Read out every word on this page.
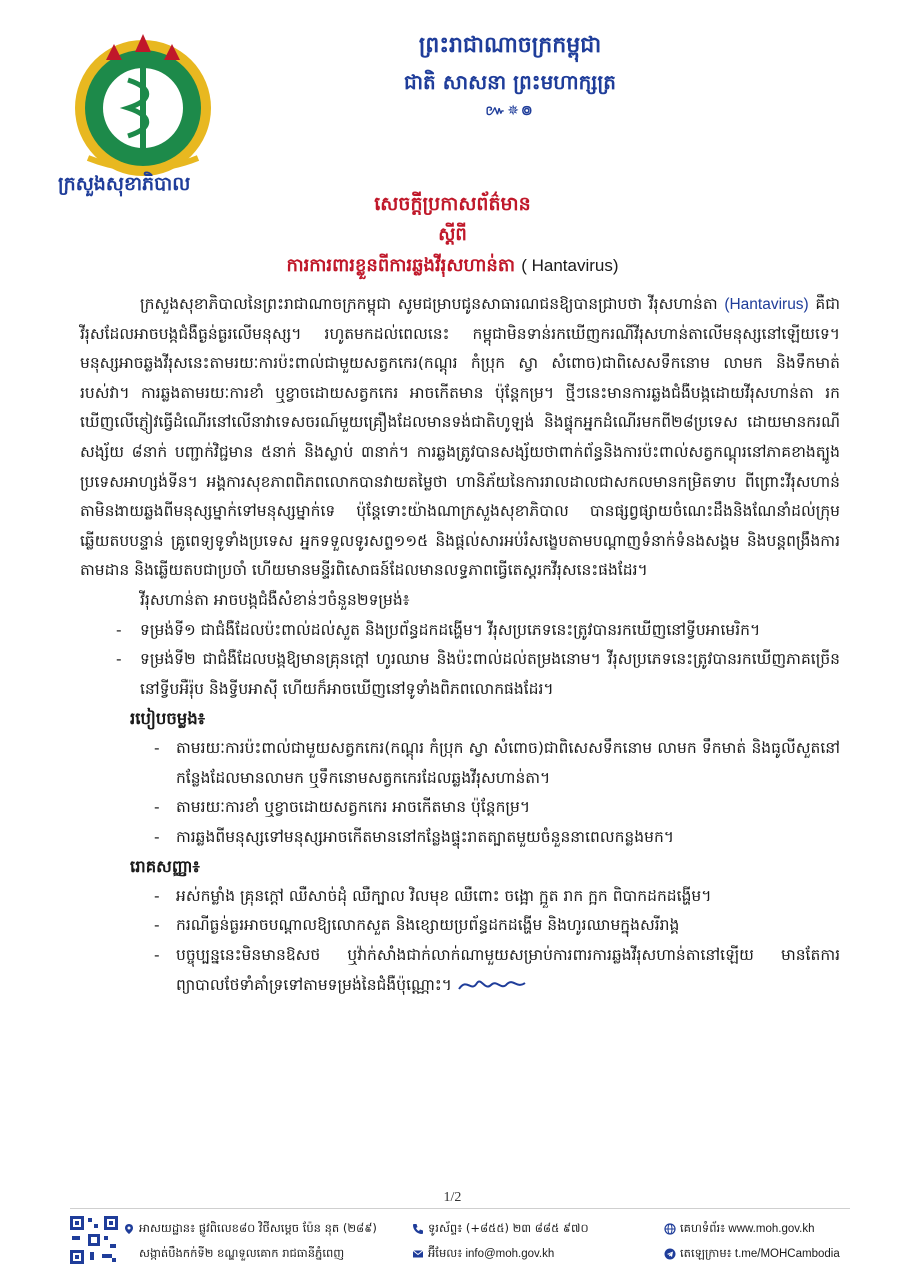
ក្រសួងសុខាភិបាល
ព្រះរាជាណាចក្រកម្ពុជា
ជាតិ សាសនា ព្រះមហាក្សត្រ
៚✵៙
សេចក្តីប្រកាសព័ត៌មាន
ស្តីពី
ការការពារខ្លួនពីការឆ្លងវីរុសហាន់តា ( Hantavirus)

ក្រសួងសុខាភិបាលនៃព្រះរាជាណាចក្រកម្ពុជា សូមជម្រាបជូនសាធារណជនឱ្យបានជ្រាបថា វីរុសហាន់តា (Hantavirus) គឺជាវីរុសដែលអាចបង្កជំងឺធ្ងន់ធ្ងរលើមនុស្ស។ រហូតមកដល់ពេលនេះ កម្ពុជាមិនទាន់រកឃើញករណីវីរុសហាន់តាលើមនុស្សនៅឡើយទេ។ មនុស្សអាចឆ្លងវីរុសនេះតាមរយៈការប៉ះពាល់ជាមួយសត្វកកេរ(កណ្តុរ កំប្រុក ស្វា សំពោច)ជាពិសេសទឹកនោម លាមក និងទឹកមាត់របស់វា។ ការឆ្លងតាមរយៈការខាំ ឬខ្វាចដោយសត្វកកេរ អាចកើតមាន ប៉ុន្តែកម្រ។ ថ្មីៗនេះមានការឆ្លងជំងឺបង្កដោយវីរុសហាន់តា រកឃើញលើភ្ញៀវធ្វើដំណើរនៅលើនាវាទេសចរណ៍មួយគ្រឿងដែលមានទង់ជាតិហូឡង់ និងផ្ទុកអ្នកដំណើរមកពី២៨ប្រទេស ដោយមានករណីសង្ស័យ ៨នាក់ បញ្ជាក់វិជ្ជមាន ៥នាក់ និងស្លាប់ ៣នាក់។ ការឆ្លងត្រូវបានសង្ស័យថាពាក់ព័ន្ធនិងការប៉ះពាល់សត្វកណ្តុរនៅភាគខាងត្បូងប្រទេសអាហ្សង់ទីន។ អង្គការសុខភាពពិភពលោកបានវាយតម្លៃថា ហានិភ័យនៃការរាលដាលជាសកលមានកម្រិតទាប ពីព្រោះវីរុសហាន់តាមិនងាយឆ្លងពីមនុស្សម្នាក់ទៅមនុស្សម្នាក់ទេ ប៉ុន្តែទោះយ៉ាងណាក្រសួងសុខាភិបាល បានផ្សព្វផ្សាយចំណេះដឹងនិងណែនាំដល់ក្រុមឆ្លើយតបបន្ទាន់ គ្រូពេទ្យទូទាំងប្រទេស អ្នកទទួលទូរសព្ទ១១៥ និងផ្តល់សារអប់រំសង្ខេបតាមបណ្តាញទំនាក់ទំនងសង្គម និងបន្តពង្រឹងការតាមដាន និងឆ្លើយតបជាប្រចាំ ហើយមានមន្ទីរពិសោធន៍ដែលមានលទ្ធភាពធ្វើតេស្តរកវីរុសនេះផងដែរ។

វីរុសហាន់តា អាចបង្កជំងឺសំខាន់ៗចំនួន២ទម្រង់៖

- ទម្រង់ទី១ ជាជំងឺដែលប៉ះពាល់ដល់សួត និងប្រព័ន្ធដកដង្ហើម។ វីរុសប្រភេទនេះត្រូវបានរកឃើញនៅទ្វីបអាមេរិក។
- ទម្រង់ទី២ ជាជំងឺដែលបង្កឱ្យមានគ្រុនក្តៅ ហូរឈាម និងប៉ះពាល់ដល់តម្រងនោម។ វីរុសប្រភេទនេះត្រូវបានរកឃើញភាគច្រើននៅទ្វីបអឺរ៉ុប និងទ្វីបអាស៊ី ហើយក៏អាចឃើញនៅទូទាំងពិភពលោកផងដែរ។
របៀបចម្លង៖
- តាមរយៈការប៉ះពាល់ជាមួយសត្វកកេរ(កណ្តុរ កំប្រុក ស្វា សំពោច)ជាពិសេសទឹកនោម លាមក ទឹកមាត់ និងធូលីសួតនៅកន្លែងដែលមានលាមក ឬទឹកនោមសត្វកកេរដែលឆ្លងវីរុសហាន់តា។
- តាមរយៈការខាំ ឬខ្វាចដោយសត្វកកេរ អាចកើតមាន ប៉ុន្តែកម្រ។
- ការឆ្លងពីមនុស្សទៅមនុស្សអាចកើតមាននៅកន្លែងផ្ទុះរាតត្បាតមួយចំនួននាពេលកន្លងមក។
រោគសញ្ញា៖
- អស់កម្លាំង គ្រុនក្តៅ ឈឺសាច់ដុំ ឈឺក្បាល វិលមុខ ឈឺពោះ ចង្អោ ក្អួត រាក ក្អក ពិបាកដកដង្ហើម។
- ករណីធ្ងន់ធ្ងរអាចបណ្តាលឱ្យលោកសួត និងខ្សោយប្រព័ន្ធដកដង្ហើម និងហូរឈាមក្នុងសរីរាង្គ
- បច្ចុប្បន្ននេះមិនមានឱសថ ឬវ៉ាក់សាំងជាក់លាក់ណាមួយសម្រាប់ការពារការឆ្លងវីរុសហាន់តានៅឡើយ មានតែការព្យាបាលថែទាំគាំទ្រទៅតាមទម្រង់នៃជំងឺប៉ុណ្ណោះ។
1/2
អាសយដ្ឋាន៖ ផ្លូវពិលេខ៨០ វិថីសម្តេច ប៉ែន នុត (២៨៩)
សង្កាត់បឹងកក់ទី២ ខណ្ឌទួលគោក រាជធានីភ្នំពេញ
ទូរស័ព្ទ៖ (+៨៥៥) ២៣ ៨៨៥ ៩៧០
អ៊ីមែល៖ info@moh.gov.kh
គេហទំព័រ៖ www.moh.gov.kh
តេឡេក្រាម៖ t.me/MOHCambodia
